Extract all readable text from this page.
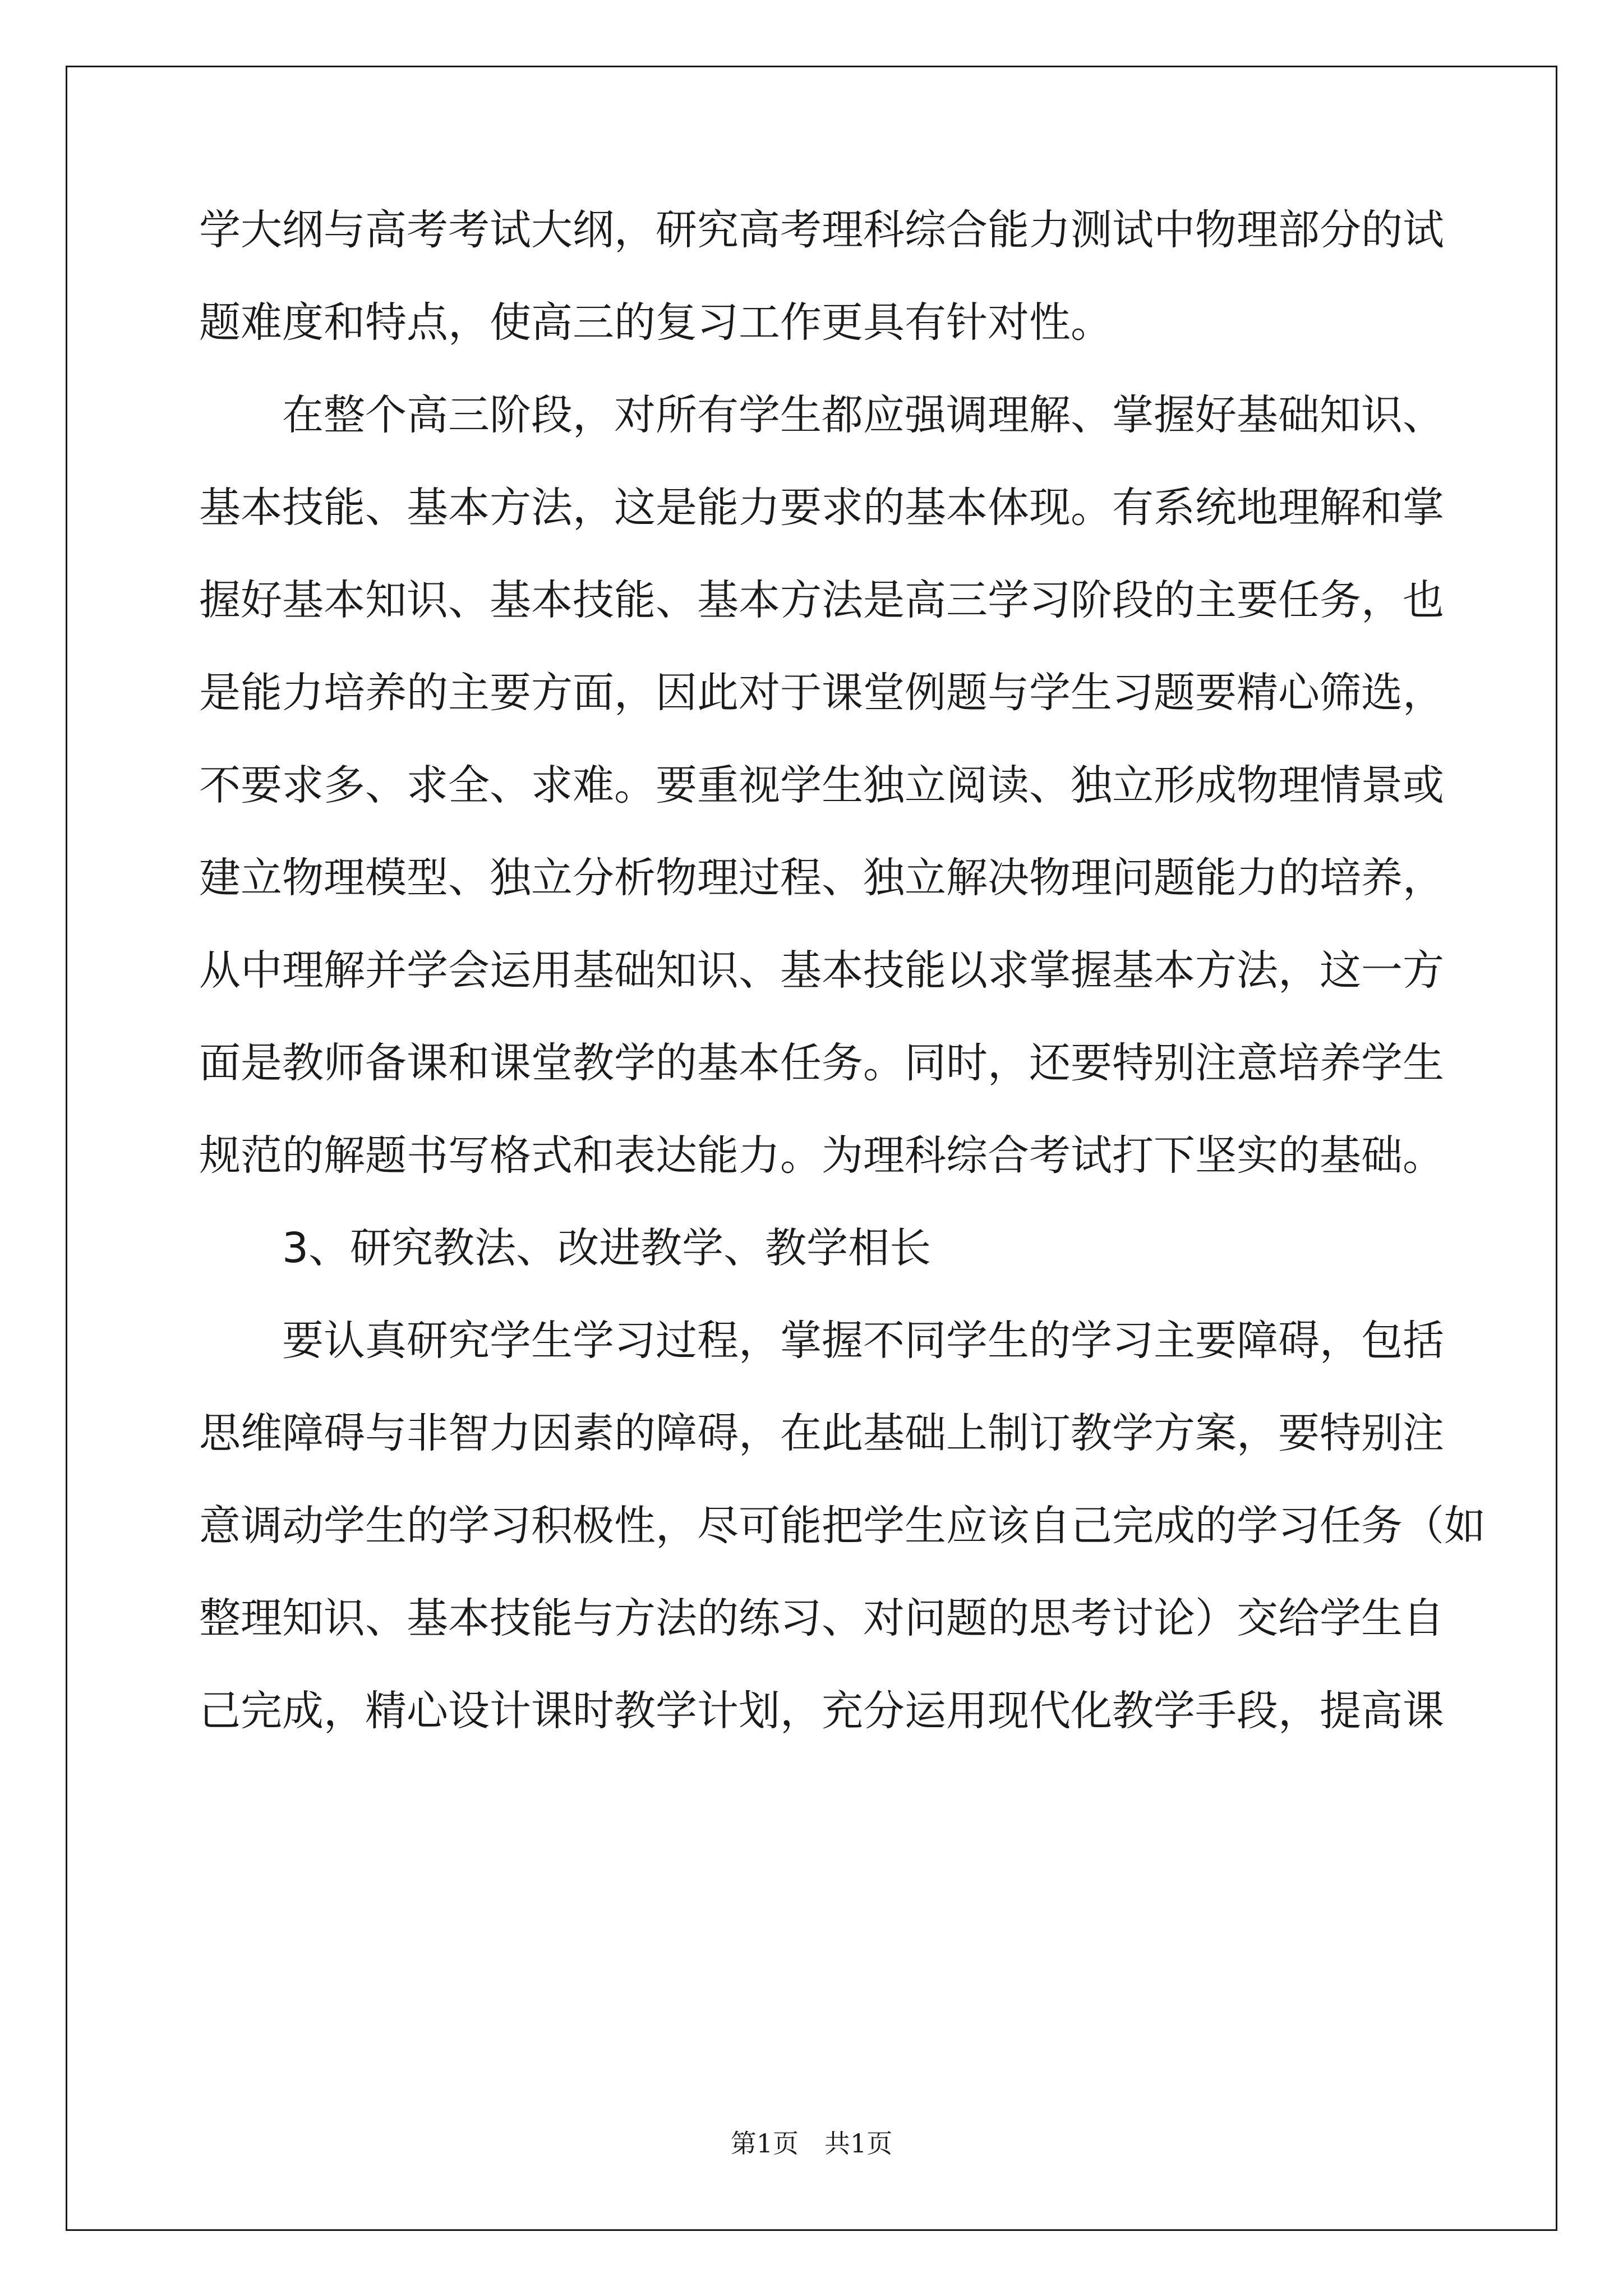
学大纲与高考考试大纲，研究高考理科综合能力测试中物理部分的试
题难度和特点，使高三的复习工作更具有针对性。
在整个高三阶段，对所有学生都应强调理解、掌握好基础知识、
基本技能、基本方法，这是能力要求的基本体现。有系统地理解和掌
握好基本知识、基本技能、基本方法是高三学习阶段的主要任务，也
是能力培养的主要方面，因此对于课堂例题与学生习题要精心筛选，
不要求多、求全、求难。要重视学生独立阅读、独立形成物理情景或
建立物理模型、独立分析物理过程、独立解决物理问题能力的培养，
从中理解并学会运用基础知识、基本技能以求掌握基本方法，这一方
面是教师备课和课堂教学的基本任务。同时，还要特别注意培养学生
规范的解题书写格式和表达能力。为理科综合考试打下坚实的基础。
3、研究教法、改进教学、教学相长
要认真研究学生学习过程，掌握不同学生的学习主要障碍，包括
思维障碍与非智力因素的障碍，在此基础上制订教学方案，要特别注
意调动学生的学习积极性，尽可能把学生应该自己完成的学习任务（如
整理知识、基本技能与方法的练习、对问题的思考讨论）交给学生自
己完成，精心设计课时教学计划，充分运用现代化教学手段，提高课
第1页 共1页
